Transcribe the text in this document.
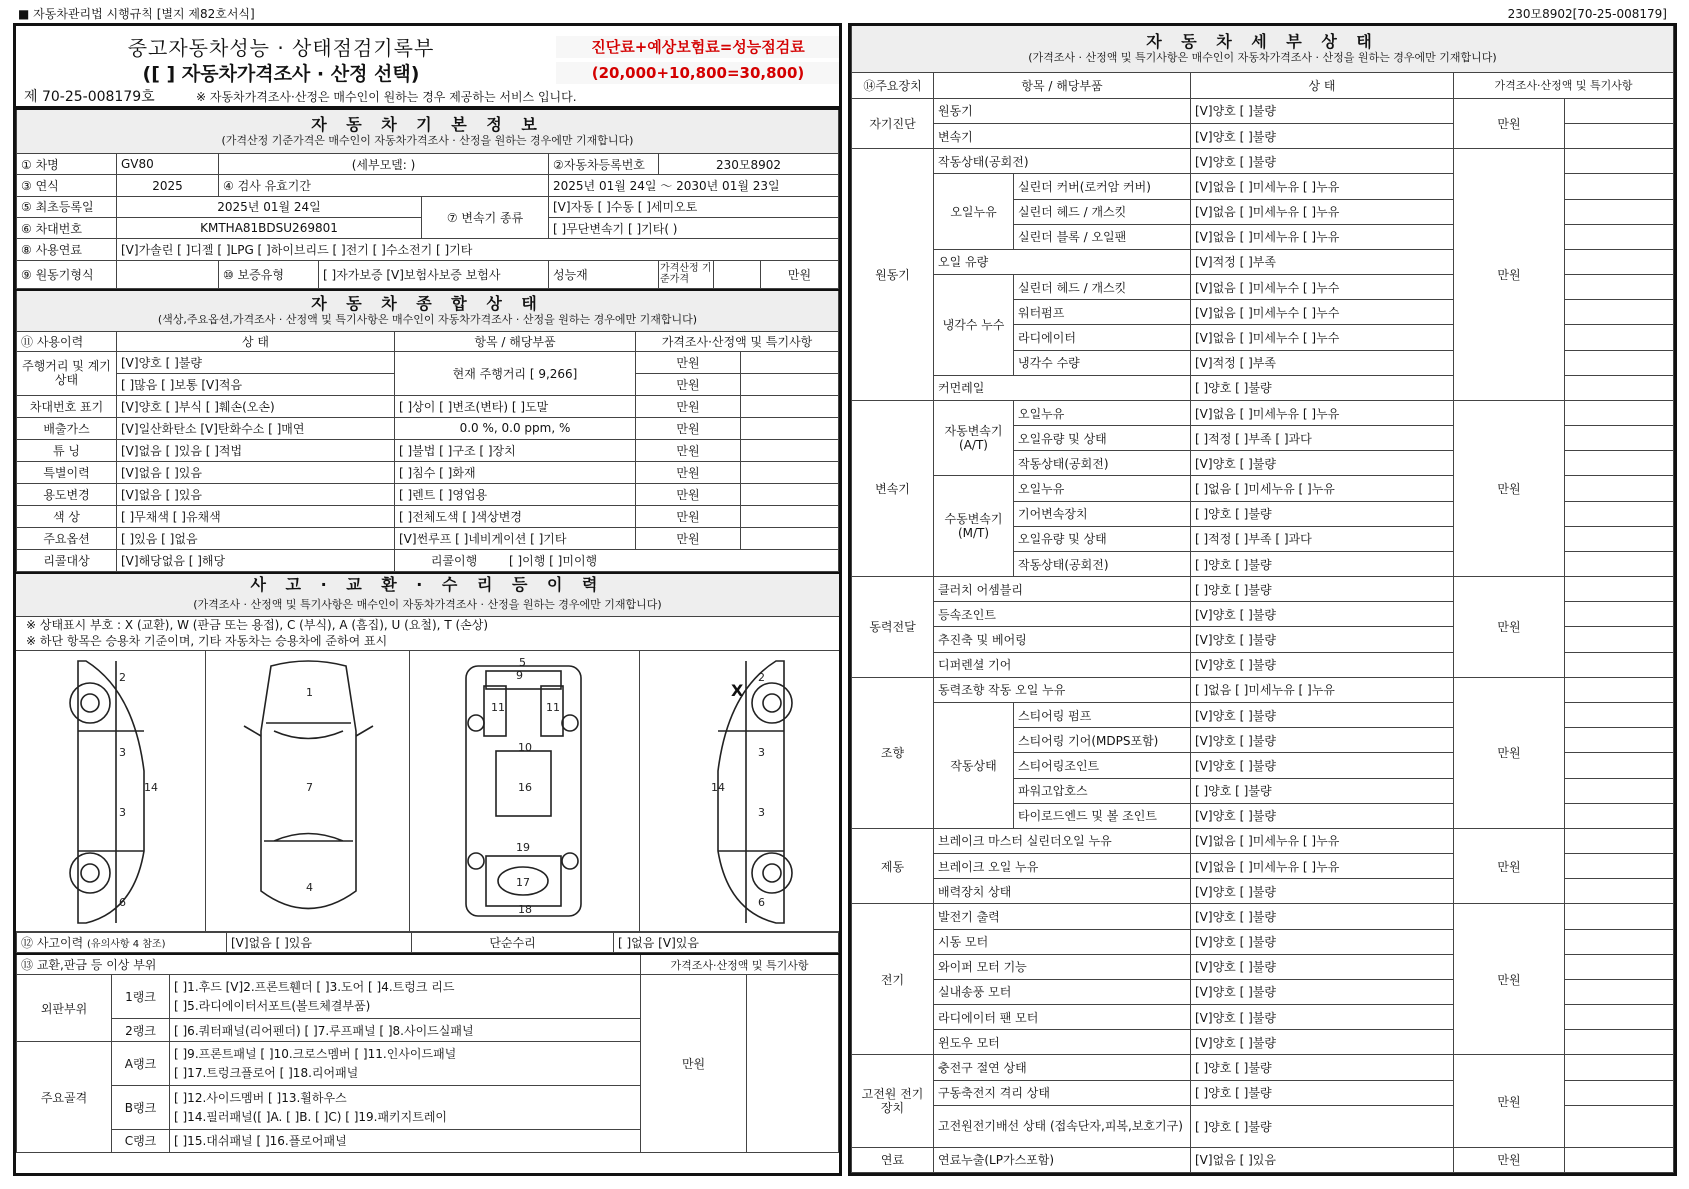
■ 자동차관리법 시행규칙 [별지 제82호서식]	230모8902[70-25-008179]
중고자동차성능 · 상태점검기록부
([ ] 자동차가격조사 · 산정 선택)
진단료+예상보험료=성능점검료
(20,000+10,800=30,800)
제 70-25-008179호	※ 자동차가격조사·산정은 매수인이 원하는 경우 제공하는 서비스 입니다.
자 동 차 기 본 정 보
(가격산정 기준가격은 매수인이 자동차가격조사 · 산정을 원하는 경우에만 기재합니다)								

① 차명	GV80	(세부모델: )			②자동차등록번호	230모8902		
③ 연식	2025	④ 검사 유효기간			2025년 01월 24일 ～ 2030년 01월 23일			
⑤ 최초등록일	2025년 01월 24일			⑦ 변속기 종류	[V]자동 [ ]수동 [ ]세미오토			
⑥ 차대번호	KMTHA81BDSU269801				[ ]무단변속기 [ ]기타( )			
⑧ 사용연료	[V]가솔린 [ ]디젤 [ ]LPG [ ]하이브리드 [ ]전기 [ ]수소전기 [ ]기타							
⑨ 원동기형식		⑩ 보증유형	[ ]자가보증 [V]보험사보증 보험사		성능재	가격산정 기준가격		만원
자 동 차 종 합 상 태
(색상,주요옵션,가격조사 · 산정액 및 특기사항은 매수인이 자동차가격조사 · 산정을 원하는 경우에만 기재합니다)				

⑪ 사용이력	상 태	항목 / 해당부품	가격조사·산정액 및 특기사항	
주행거리 및 계기상태	[V]양호 [ ]불량	현재 주행거리 [ 9,266]	만원	
	[ ]많음 [ ]보통 [V]적음		만원	
차대번호 표기	[V]양호 [ ]부식 [ ]훼손(오손)	[ ]상이 [ ]변조(변타) [ ]도말	만원	
배출가스	[V]일산화탄소 [V]탄화수소 [ ]매연	0.0 %, 0.0 ppm, %	만원	
튜 닝	[V]없음 [ ]있음 [ ]적법	[ ]불법 [ ]구조 [ ]장치	만원	
특별이력	[V]없음 [ ]있음	[ ]침수 [ ]화재	만원	
용도변경	[V]없음 [ ]있음	[ ]렌트 [ ]영업용	만원	
색 상	[ ]무채색 [ ]유채색	[ ]전체도색 [ ]색상변경	만원	
주요옵션	[ ]있음 [ ]없음	[V]썬루프 [ ]네비게이션 [ ]기타	만원	
리콜대상	[V]해당없음 [ ]해당	리콜이행 [ ]이행 [ ]미이행		
사 고 · 교 환 · 수 리 등 이 력
(가격조사 · 산정액 및 특기사항은 매수인이 자동차가격조사 · 산정을 원하는 경우에만 기재합니다)
※ 상태표시 부호 : X (교환), W (판금 또는 용접), C (부식), A (흠집), U (요철), T (손상)
※ 하단 항목은 승용차 기준이며, 기타 자동차는 승용차에 준하여 표시
2
3
3
6
14
1
7
4
5
9
11	11
10
16
19
17
18
2
3
3
6
14
X
⑫ 사고이력 (유의사항 4 참조)	[V]없음 [ ]있음	단순수리	[ ]없음 [V]있음
⑬ 교환,판금 등 이상 부위			가격조사·산정액 및 특기사항	
외판부위	1랭크	[ ]1.후드 [V]2.프론트휀더 [ ]3.도어 [ ]4.트렁크 리드
[ ]5.라디에이터서포트(볼트체결부품)	만원	
	2랭크	[ ]6.쿼터패널(리어펜더) [ ]7.루프패널 [ ]8.사이드실패널		
주요골격	A랭크	[ ]9.프론트패널 [ ]10.크로스멤버 [ ]11.인사이드패널
[ ]17.트렁크플로어 [ ]18.리어패널		

	B랭크	[ ]12.사이드멤버 [ ]13.휠하우스
[ ]14.필러패널([ ]A. [ ]B. [ ]C) [ ]19.패키지트레이		

	C랭크	[ ]15.대쉬패널 [ ]16.플로어패널		
자 동 차 세 부 상 태
(가격조사 · 산정액 및 특기사항은 매수인이 자동차가격조사 · 산정을 원하는 경우에만 기재합니다)					

⑭주요장치	항목 / 해당부품		상 태	가격조사·산정액 및 특기사항	
자기진단	원동기		[V]양호 [ ]불량	만원	
	변속기		[V]양호 [ ]불량		
원동기	작동상태(공회전)		[V]양호 [ ]불량	만원	
	오일누유	실린더 커버(로커암 커버)	[V]없음 [ ]미세누유 [ ]누유		
		실린더 헤드 / 개스킷	[V]없음 [ ]미세누유 [ ]누유		
		실린더 블록 / 오일팬	[V]없음 [ ]미세누유 [ ]누유		
	오일 유량		[V]적정 [ ]부족		
	냉각수 누수	실린더 헤드 / 개스킷	[V]없음 [ ]미세누수 [ ]누수		
		워터펌프	[V]없음 [ ]미세누수 [ ]누수		
		라디에이터	[V]없음 [ ]미세누수 [ ]누수		
		냉각수 수량	[V]적정 [ ]부족		
	커먼레일		[ ]양호 [ ]불량		
변속기	자동변속기 (A/T)	오일누유	[V]없음 [ ]미세누유 [ ]누유	만원	
		오일유량 및 상태	[ ]적정 [ ]부족 [ ]과다		
		작동상태(공회전)	[V]양호 [ ]불량		
	수동변속기 (M/T)	오일누유	[ ]없음 [ ]미세누유 [ ]누유		
		기어변속장치	[ ]양호 [ ]불량		
		오일유량 및 상태	[ ]적정 [ ]부족 [ ]과다		
		작동상태(공회전)	[ ]양호 [ ]불량		
동력전달	클러치 어셈블리		[ ]양호 [ ]불량	만원	
	등속조인트		[V]양호 [ ]불량		
	추진축 및 베어링		[V]양호 [ ]불량		
	디퍼렌셜 기어		[V]양호 [ ]불량		
조향	동력조향 작동 오일 누유		[ ]없음 [ ]미세누유 [ ]누유	만원	
	작동상태	스티어링 펌프	[V]양호 [ ]불량		
		스티어링 기어(MDPS포함)	[V]양호 [ ]불량		
		스티어링조인트	[V]양호 [ ]불량		
		파워고압호스	[ ]양호 [ ]불량		
		타이로드엔드 및 볼 조인트	[V]양호 [ ]불량		
제동	브레이크 마스터 실린더오일 누유		[V]없음 [ ]미세누유 [ ]누유	만원	
	브레이크 오일 누유		[V]없음 [ ]미세누유 [ ]누유		
	배력장치 상태		[V]양호 [ ]불량		
전기	발전기 출력		[V]양호 [ ]불량	만원	
	시동 모터		[V]양호 [ ]불량		
	와이퍼 모터 기능		[V]양호 [ ]불량		
	실내송풍 모터		[V]양호 [ ]불량		
	라디에이터 팬 모터		[V]양호 [ ]불량		
	윈도우 모터		[V]양호 [ ]불량		
고전원 전기장치	충전구 절연 상태		[ ]양호 [ ]불량	만원	
	구동축전지 격리 상태		[ ]양호 [ ]불량		
	고전원전기배선 상태 (접속단자,피복,보호기구)		[ ]양호 [ ]불량		
연료	연료누출(LP가스포함)		[V]없음 [ ]있음	만원	
